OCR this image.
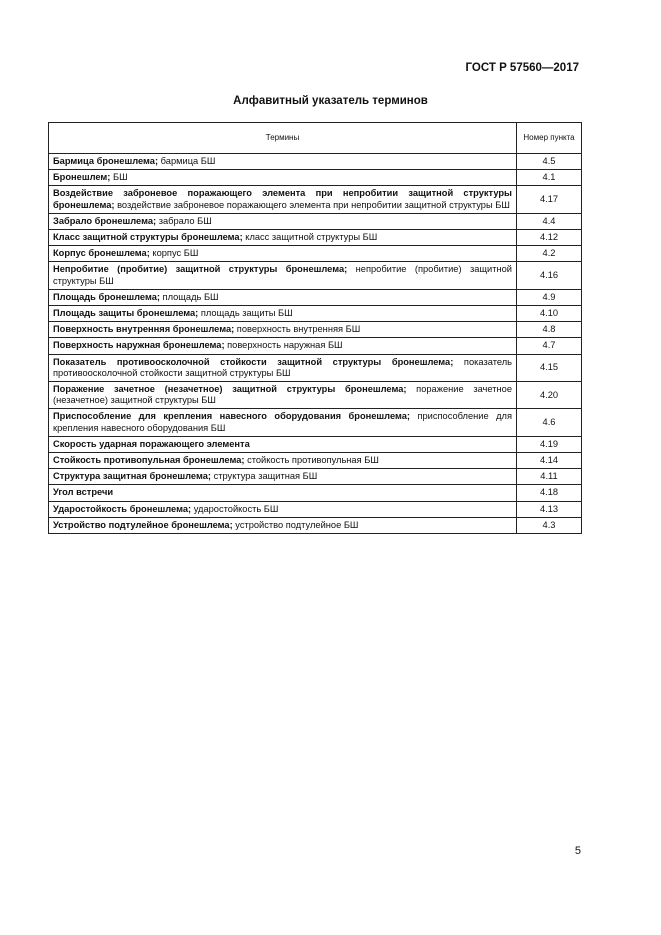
ГОСТ Р 57560—2017
Алфавитный указатель терминов
Термины	Номер пункта
Бармица бронешлема; бармица БШ	4.5
Бронешлем; БШ	4.1
Воздействие заброневое поражающего элемента при непробитии защитной структуры бронешлема; воздействие заброневое поражающего элемента при непробитии защитной структуры БШ	4.17
Забрало бронешлема; забрало БШ	4.4
Класс защитной структуры бронешлема; класс защитной структуры БШ	4.12
Корпус бронешлема; корпус БШ	4.2
Непробитие (пробитие) защитной структуры бронешлема; непробитие (пробитие) защитной структуры БШ	4.16
Площадь бронешлема; площадь БШ	4.9
Площадь защиты бронешлема; площадь защиты БШ	4.10
Поверхность внутренняя бронешлема; поверхность внутренняя БШ	4.8
Поверхность наружная бронешлема; поверхность наружная БШ	4.7
Показатель противоосколочной стойкости защитной структуры бронешлема; показатель противоосколочной стойкости защитной структуры БШ	4.15
Поражение зачетное (незачетное) защитной структуры бронешлема; поражение зачетное (незачетное) защитной структуры БШ	4.20
Приспособление для крепления навесного оборудования бронешлема; приспособление для крепления навесного оборудования БШ	4.6
Скорость ударная поражающего элемента	4.19
Стойкость противопульная бронешлема; стойкость противопульная БШ	4.14
Структура защитная бронешлема; структура защитная БШ	4.11
Угол встречи	4.18
Ударостойкость бронешлема; ударостойкость БШ	4.13
Устройство подтулейное бронешлема; устройство подтулейное БШ	4.3
5
